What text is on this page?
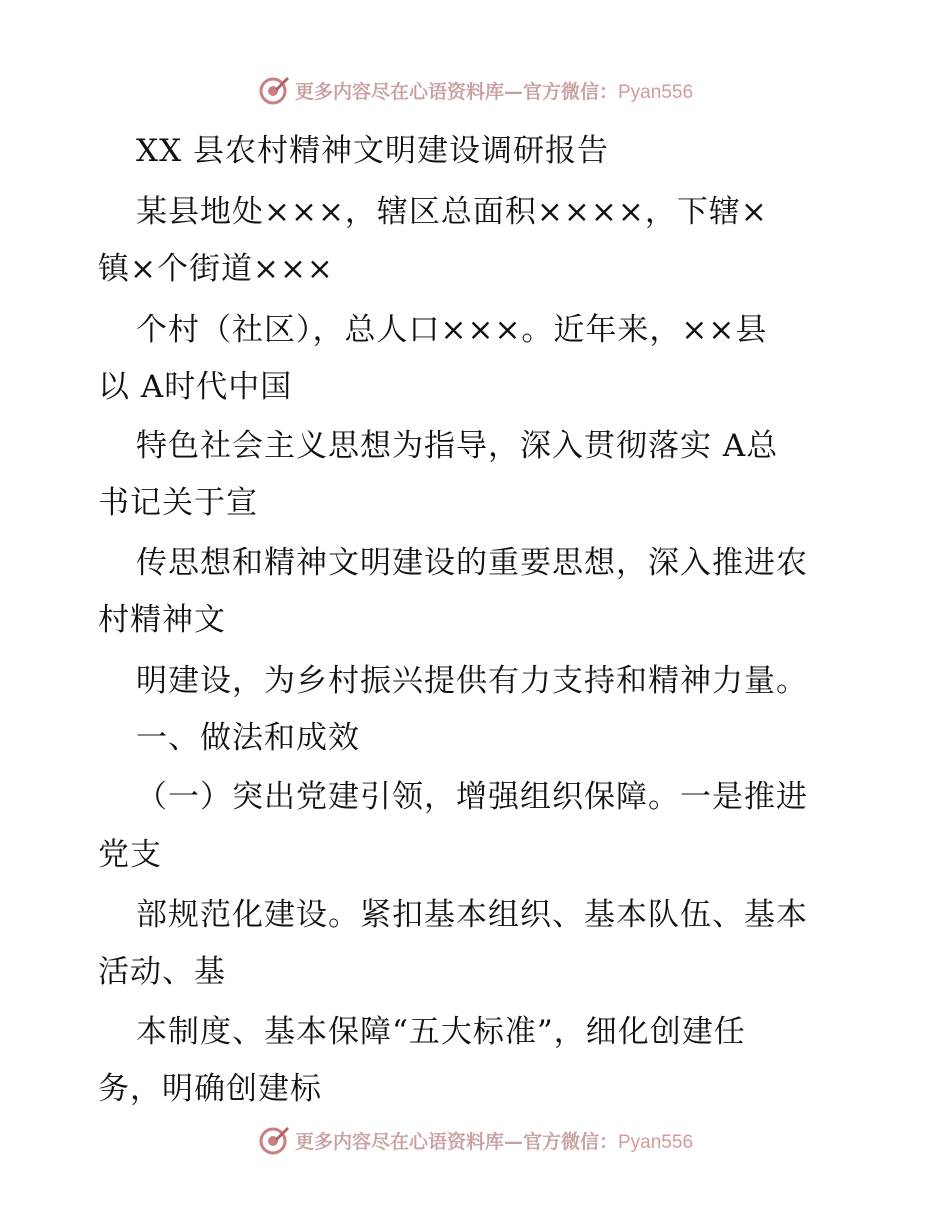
更多内容尽在心语资料库—官方微信：Pyan556
XX 县农村精神文明建设调研报告
某县地处×××，辖区总面积××××，下辖×
镇×个街道×××
个村（社区），总人口×××。近年来，××县
以 A时代中国
特色社会主义思想为指导，深入贯彻落实 A总
书记关于宣
传思想和精神文明建设的重要思想，深入推进农
村精神文
明建设，为乡村振兴提供有力支持和精神力量。
一、做法和成效
（一）突出党建引领，增强组织保障。一是推进
党支
部规范化建设。紧扣基本组织、基本队伍、基本
活动、基
本制度、基本保障“五大标准”，细化创建任
务，明确创建标
更多内容尽在心语资料库—官方微信：Pyan556
